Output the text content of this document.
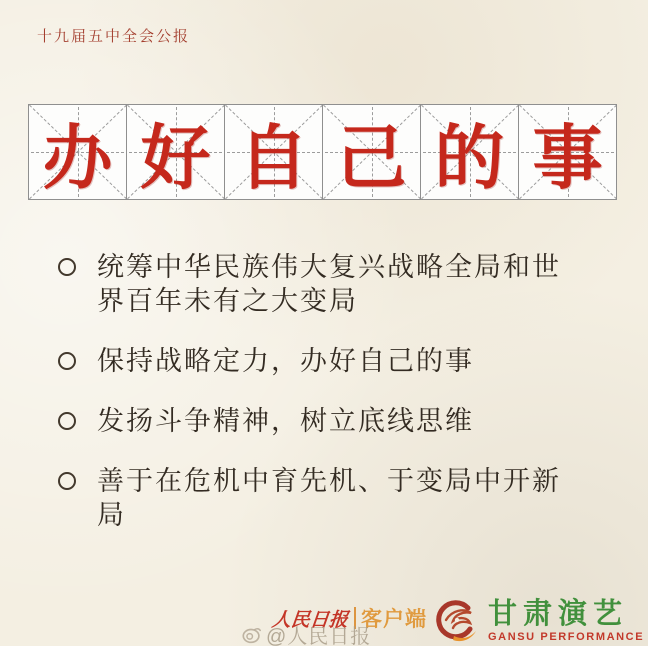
十九届五中全会公报
办 好 自 己 的 事
统筹中华民族伟大复兴战略全局和世界百年未有之大变局
保持战略定力，办好自己的事
发扬斗争精神，树立底线思维
善于在危机中育先机、于变局中开新局
@人民日报
人民日报 客户端 甘肃演艺
GANSU PERFORMANCE
